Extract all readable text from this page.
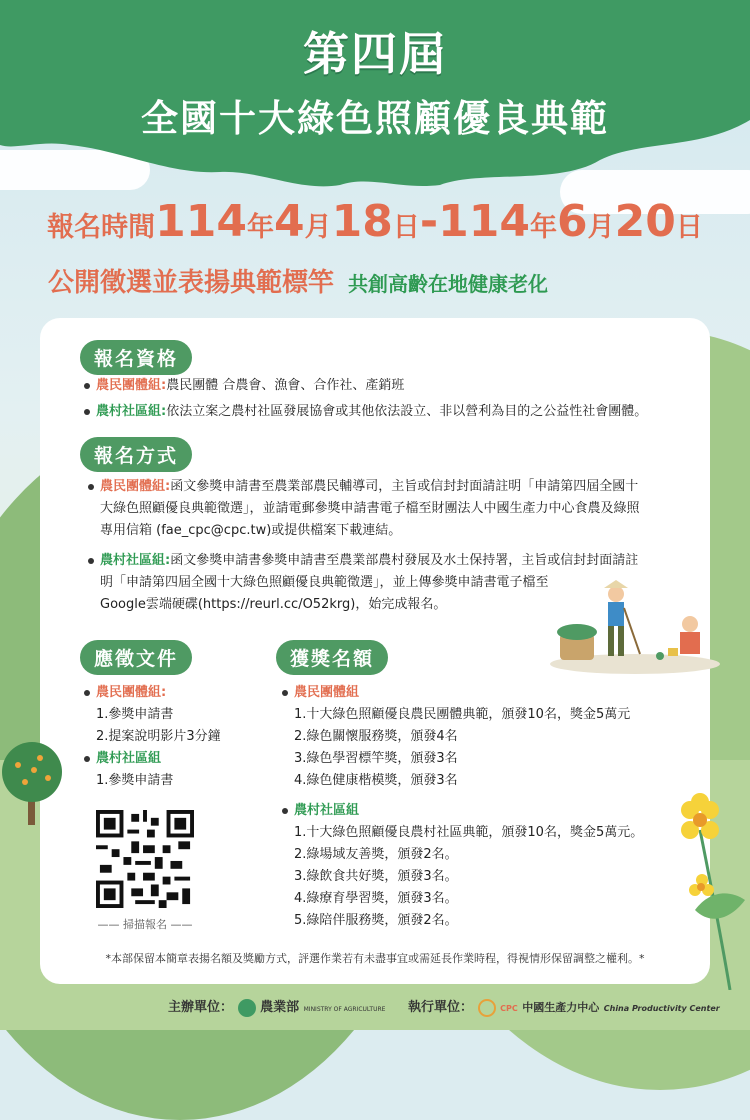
第四屆
全國十大綠色照顧優良典範
報名時間114年4月18日-114年6月20日
公開徵選並表揚典範標竿 共創高齡在地健康老化
報名資格
農民團體組:農民團體 合農會、漁會、合作社、產銷班
農村社區組:依法立案之農村社區發展協會或其他依法設立、非以營利為目的之公益性社會團體。
報名方式
農民團體組:函文參獎申請書至農業部農民輔導司，主旨或信封封面請註明「申請第四屆全國十
大綠色照顧優良典範徵選」，並請電郵參獎申請書電子檔至財團法人中國生產力中心食農及綠照
專用信箱 (fae_cpc@cpc.tw)或提供檔案下載連結。
農村社區組:函文參獎申請書參獎申請書至農業部農村發展及水土保持署，主旨或信封封面請註
明「申請第四屆全國十大綠色照顧優良典範徵選」，並上傳參獎申請書電子檔至
Google雲端硬碟(https://reurl.cc/O52krg)，始完成報名。
應徵文件
農民團體組:
1.參獎申請書
2.提案說明影片3分鐘
農村社區組
1.參獎申請書
—— 掃描報名 ——
獲獎名額
農民團體組
1.十大綠色照顧優良農民團體典範，頒發10名，獎金5萬元
2.綠色關懷服務獎，頒發4名
3.綠色學習標竿獎，頒發3名
4.綠色健康楷模獎，頒發3名
農村社區組
1.十大綠色照顧優良農村社區典範，頒發10名，獎金5萬元。
2.綠場域友善獎，頒發2名。
3.綠飲食共好獎，頒發3名。
4.綠療育學習獎，頒發3名。
5.綠陪伴服務獎，頒發2名。
*本部保留本簡章表揚名額及獎勵方式，評選作業若有未盡事宜或需延長作業時程，得視情形保留調整之權利。*
主辦單位： 農業部 MINISTRY OF AGRICULTURE 執行單位：	CPC 中國生產力中心 China Productivity Center
